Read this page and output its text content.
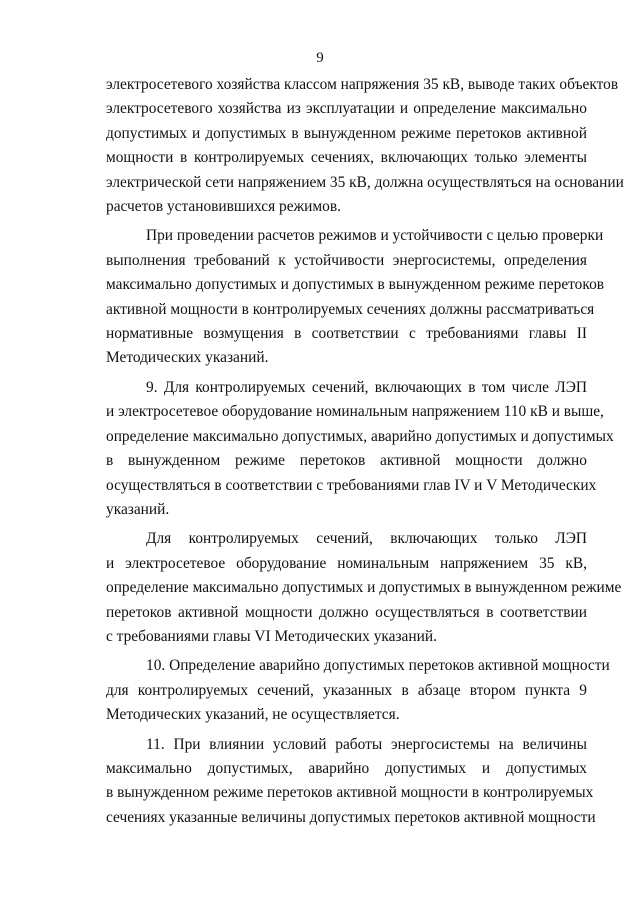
9

электросетевого хозяйства классом напряжения 35 кВ, выводе таких объектов
электросетевого хозяйства из эксплуатации и определение максимально
допустимых и допустимых в вынужденном режиме перетоков активной
мощности в контролируемых сечениях, включающих только элементы
электрической сети напряжением 35 кВ, должна осуществляться на основании
расчетов установившихся режимов.

При проведении расчетов режимов и устойчивости с целью проверки
выполнения требований к устойчивости энергосистемы, определения
максимально допустимых и допустимых в вынужденном режиме перетоков
активной мощности в контролируемых сечениях должны рассматриваться
нормативные возмущения в соответствии с требованиями главы II
Методических указаний.

9. Для контролируемых сечений, включающих в том числе ЛЭП
и электросетевое оборудование номинальным напряжением 110 кВ и выше,
определение максимально допустимых, аварийно допустимых и допустимых
в вынужденном режиме перетоков активной мощности должно
осуществляться в соответствии с требованиями глав IV и V Методических
указаний.

Для контролируемых сечений, включающих только ЛЭП
и электросетевое оборудование номинальным напряжением 35 кВ,
определение максимально допустимых и допустимых в вынужденном режиме
перетоков активной мощности должно осуществляться в соответствии
с требованиями главы VI Методических указаний.

10. Определение аварийно допустимых перетоков активной мощности
для контролируемых сечений, указанных в абзаце втором пункта 9
Методических указаний, не осуществляется.

11. При влиянии условий работы энергосистемы на величины
максимально допустимых, аварийно допустимых и допустимых
в вынужденном режиме перетоков активной мощности в контролируемых
сечениях указанные величины допустимых перетоков активной мощности
